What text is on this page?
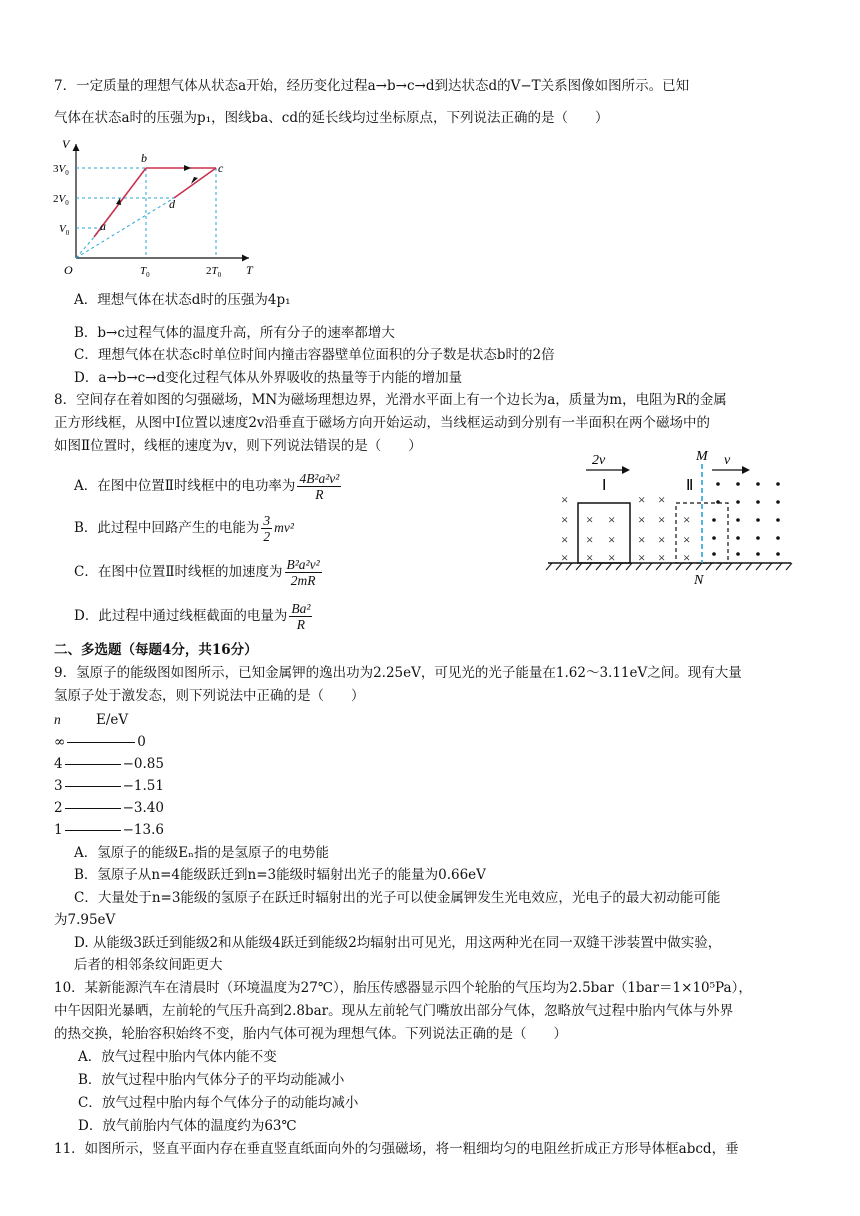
7．一定质量的理想气体从状态a开始，经历变化过程a→b→c→d到达状态d的V−T关系图像如图所示。已知
气体在状态a时的压强为p₁，图线ba、cd的延长线均过坐标原点，下列说法正确的是（　　）
V
T
O
$3V_0$
$2V_0$
$V_0$
$T_0$	$2T_0$
a
b
c
d
A．理想气体在状态d时的压强为4p₁
B．b→c过程气体的温度升高，所有分子的速率都增大
C．理想气体在状态c时单位时间内撞击容器壁单位面积的分子数是状态b时的2倍
D．a→b→c→d变化过程气体从外界吸收的热量等于内能的增加量
8．空间存在着如图的匀强磁场，MN为磁场理想边界，光滑水平面上有一个边长为a，质量为m，电阻为R的金属
正方形线框，从图中Ⅰ位置以速度2v沿垂直于磁场方向开始运动，当线框运动到分别有一半面积在两个磁场中的
如图Ⅱ位置时，线框的速度为v，则下列说法错误的是（　　）
A．在图中位置Ⅱ时线框中的电功率为 $\frac{\text{4B²a²v²}}{R}$
B．此过程中回路产生的电能为 $\frac{3}{2} mv^2$
C．在图中位置Ⅱ时线框的加速度为 $\frac{\text{B²a²v²}}{2mR}$
D．此过程中通过线框截面的电量为 $\frac{\text{Ba²}}{R}$
2v	v
Ⅰ	Ⅱ
M
N
×
×
×
×
×
×
×
×
×
×
×
×
×
×
×
×
×
×
×
×
×
二、多选题（每题4分，共16分）
9．氢原子的能级图如图所示，已知金属钾的逸出功为2.25eV，可见光的光子能量在1.62～3.11eV之间。现有大量
氢原子处于激发态，则下列说法中正确的是（　　）
n	E/eV
∞	0
4	−0.85
3	−1.51
2	−3.40
1	−13.6
A．氢原子的能级Eₙ指的是氢原子的电势能
B．氢原子从n=4能级跃迁到n=3能级时辐射出光子的能量为0.66eV
C．大量处于n=3能级的氢原子在跃迁时辐射出的光子可以使金属钾发生光电效应，光电子的最大初动能可能
为7.95eV
D. 从能级3跃迁到能级2和从能级4跃迁到能级2均辐射出可见光，用这两种光在同一双缝干涉装置中做实验，
后者的相邻条纹间距更大
10．某新能源汽车在清晨时（环境温度为27℃），胎压传感器显示四个轮胎的气压均为2.5bar（1bar＝1×10⁵Pa），
中午因阳光暴晒，左前轮的气压升高到2.8bar。现从左前轮气门嘴放出部分气体，忽略放气过程中胎内气体与外界
的热交换，轮胎容积始终不变，胎内气体可视为理想气体。下列说法正确的是（　　）
A．放气过程中胎内气体内能不变
B．放气过程中胎内气体分子的平均动能减小
C．放气过程中胎内每个气体分子的动能均减小
D．放气前胎内气体的温度约为63℃
11．如图所示，竖直平面内存在垂直竖直纸面向外的匀强磁场，将一粗细均匀的电阻丝折成正方形导体框abcd，垂
